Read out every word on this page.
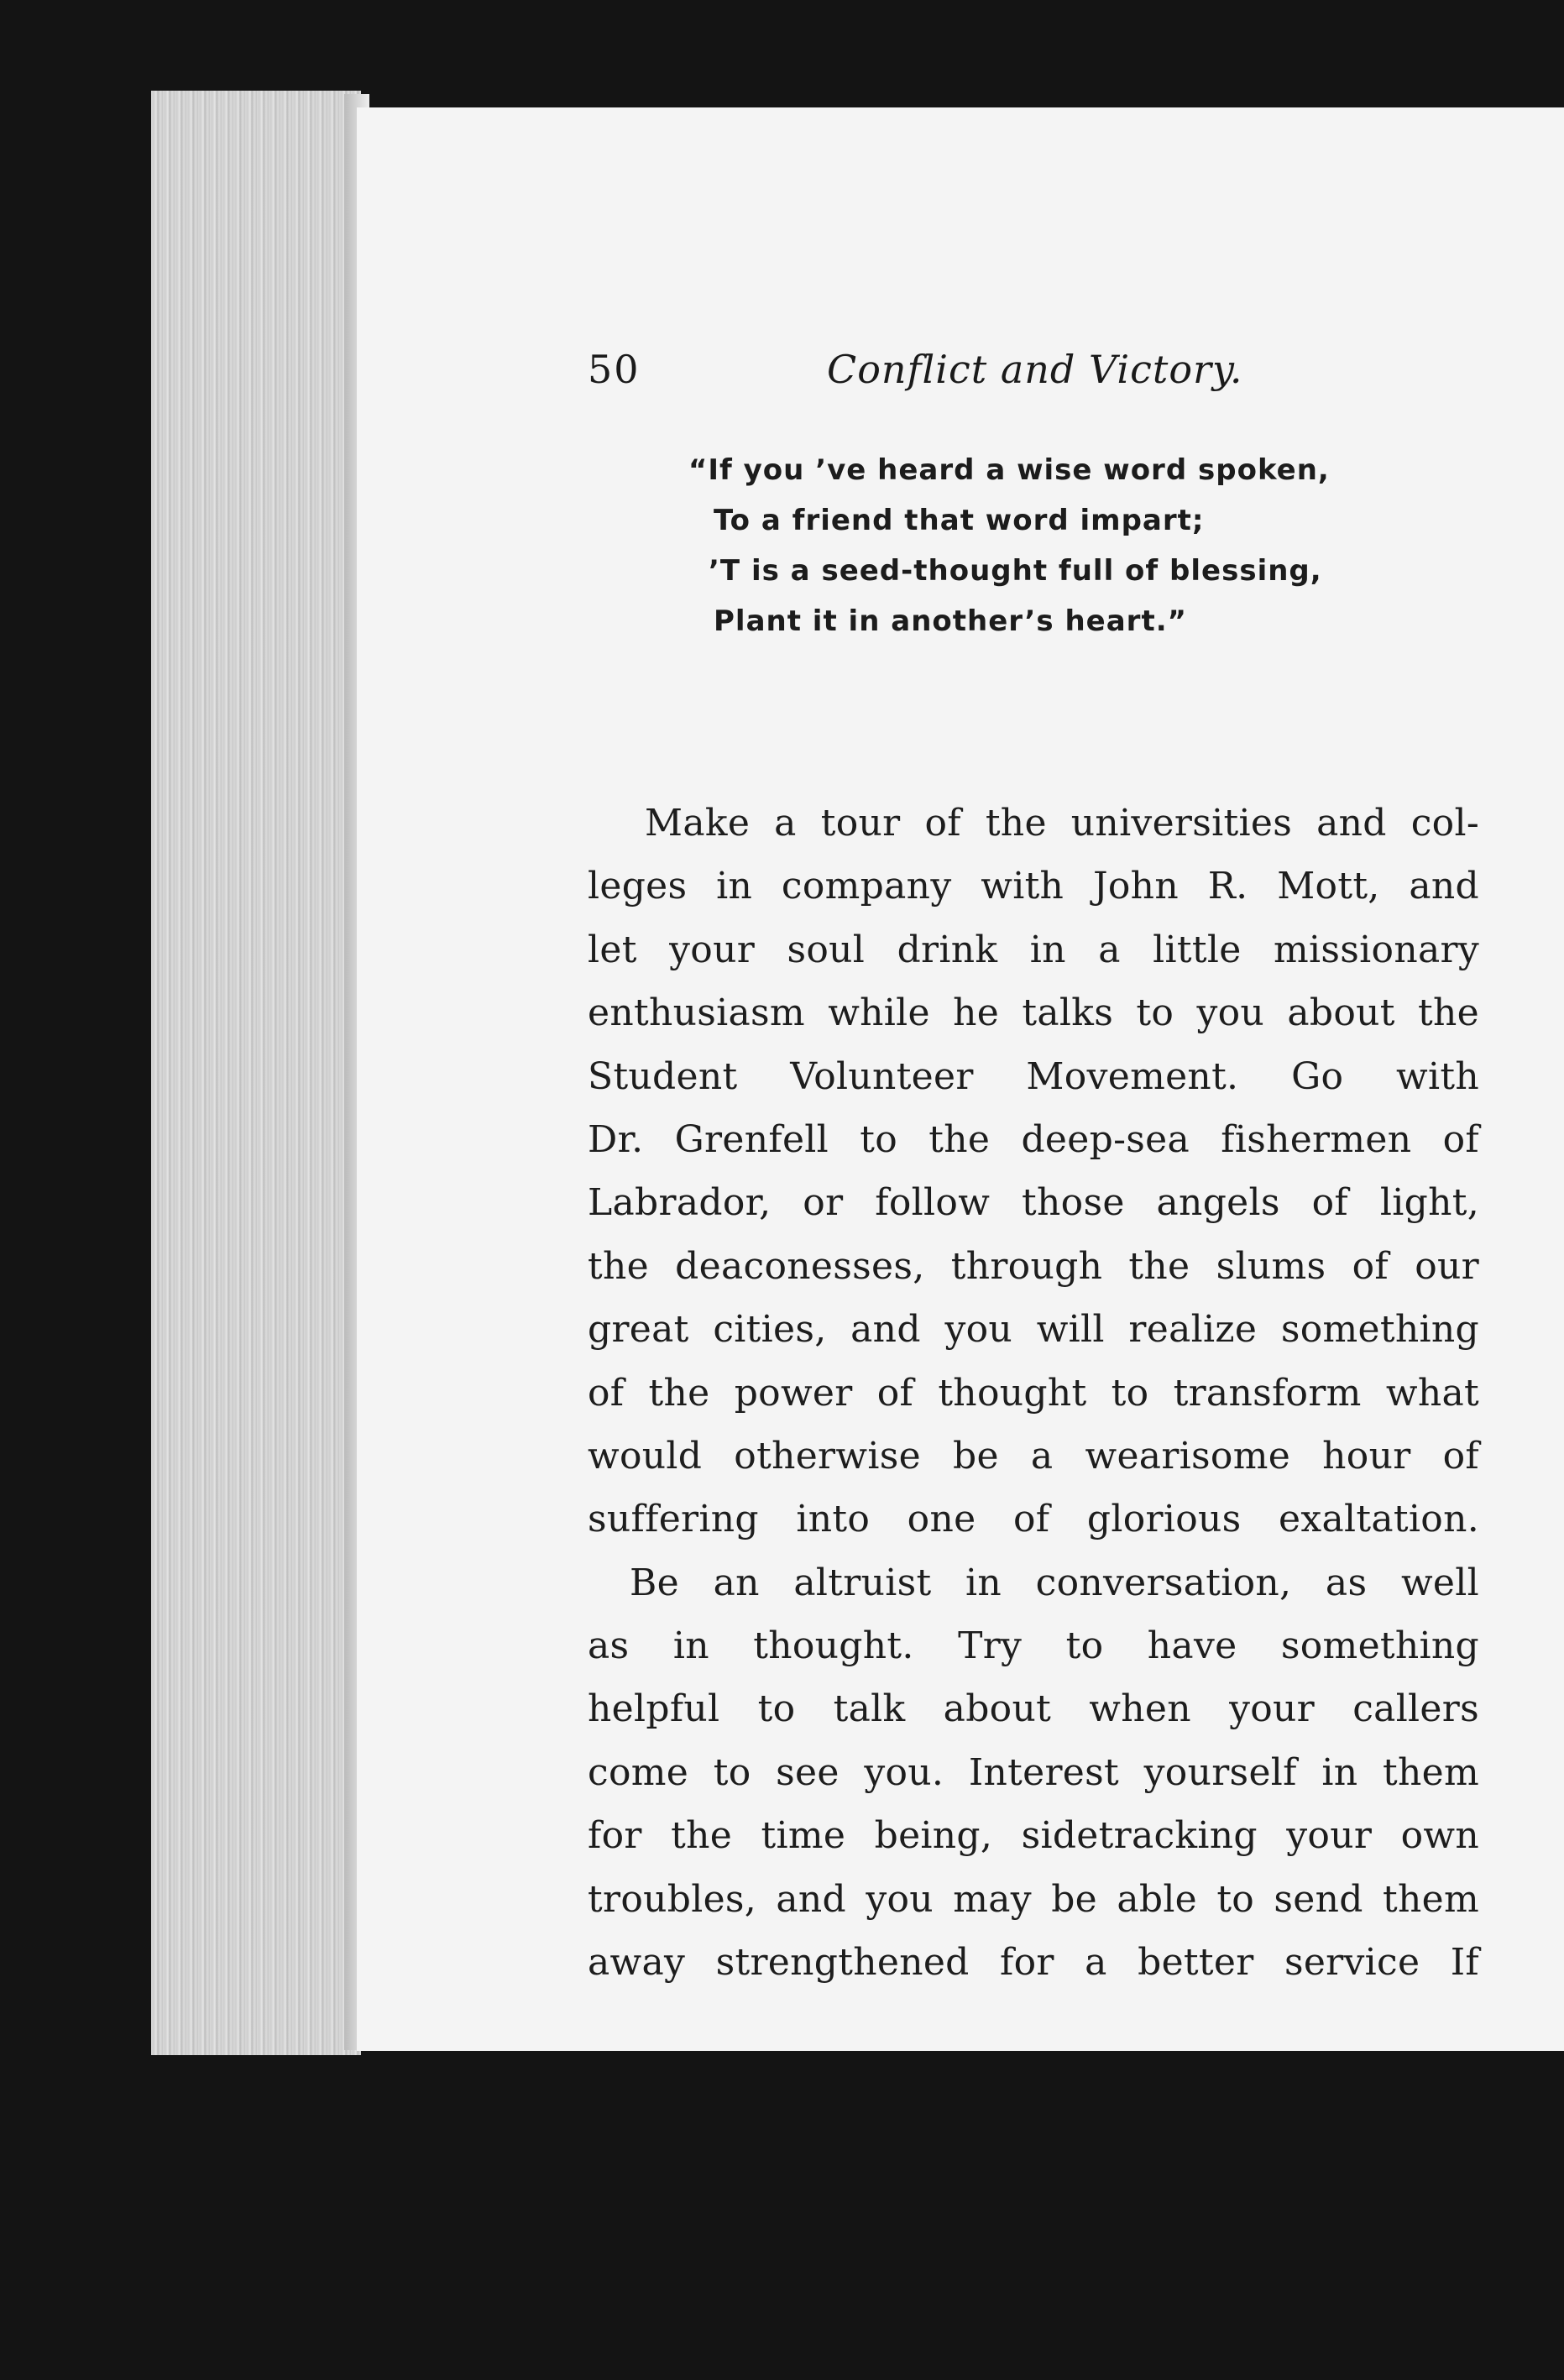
50	Conflict and Victory.
“If you ’ve heard a wise word spoken,
To a friend that word impart;
’T is a seed-thought full of blessing,
Plant it in another’s heart.”
Make a tour of the universities and col-
leges in company with John R. Mott, and
let your soul drink in a little missionary
enthusiasm while he talks to you about the
Student Volunteer Movement. Go with
Dr. Grenfell to the deep-sea fishermen of
Labrador, or follow those angels of light,
the deaconesses, through the slums of our
great cities, and you will realize something
of the power of thought to transform what
would otherwise be a wearisome hour of
suffering into one of glorious exaltation.
Be an altruist in conversation, as well
as in thought. Try to have something
helpful to talk about when your callers
come to see you. Interest yourself in them
for the time being, sidetracking your own
troubles, and you may be able to send them
away strengthened for a better service If
